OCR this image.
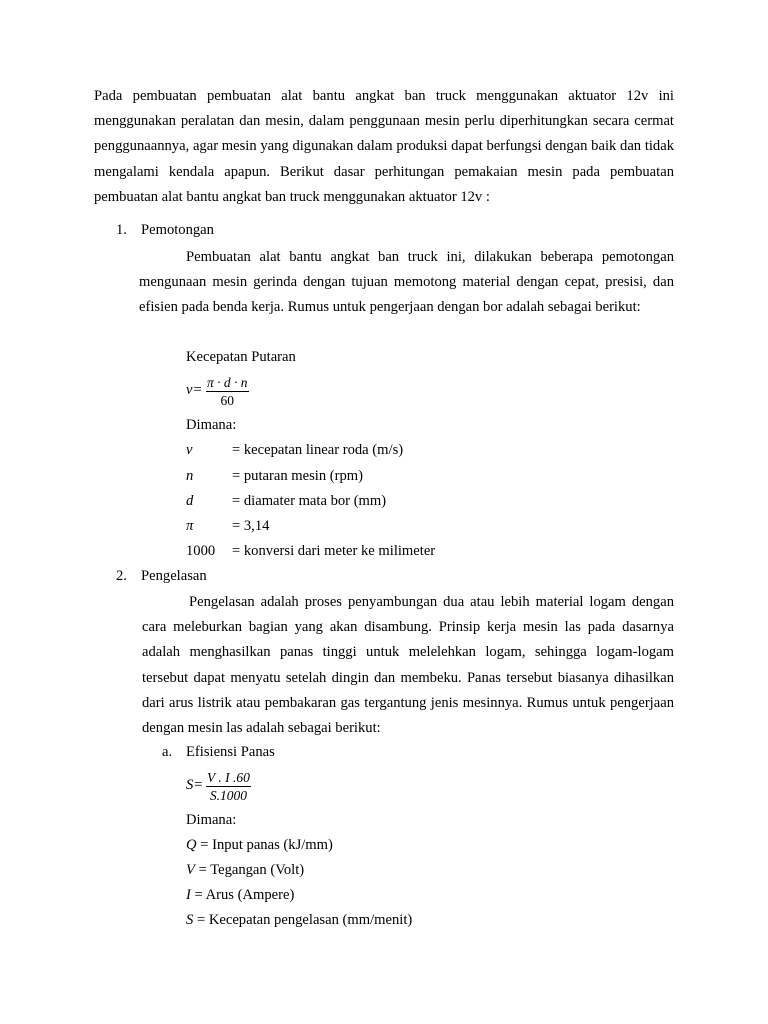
Pada pembuatan pembuatan alat bantu angkat ban truck menggunakan aktuator 12v ini menggunakan peralatan dan mesin, dalam penggunaan mesin perlu diperhitungkan secara cermat penggunaannya, agar mesin yang digunakan dalam produksi dapat berfungsi dengan baik dan tidak mengalami kendala apapun. Berikut dasar perhitungan pemakaian mesin pada pembuatan pembuatan alat bantu angkat ban truck menggunakan aktuator 12v :

1. Pemotongan

Pembuatan alat bantu angkat ban truck ini, dilakukan beberapa pemotongan mengunaan mesin gerinda dengan tujuan memotong material dengan cepat, presisi, dan efisien pada benda kerja. Rumus untuk pengerjaan dengan bor adalah sebagai berikut:

Kecepatan Putaran
$v= \frac{\pi \cdot d \cdot n}{60}$
Dimana:
v	= kecepatan linear roda (m/s)
n	= putaran mesin (rpm)
d	= diamater mata bor (mm)
π	= 3,14
1000 = konversi dari meter ke milimeter
2. Pengelasan

Pengelasan adalah proses penyambungan dua atau lebih material logam dengan cara meleburkan bagian yang akan disambung. Prinsip kerja mesin las pada dasarnya adalah menghasilkan panas tinggi untuk melelehkan logam, sehingga logam-logam tersebut dapat menyatu setelah dingin dan membeku. Panas tersebut biasanya dihasilkan dari arus listrik atau pembakaran gas tergantung jenis mesinnya. Rumus untuk pengerjaan dengan mesin las adalah sebagai berikut:

a. Efisiensi Panas
$S= \frac{V . I .60}{S.1000}$
Dimana:
Q = Input panas (kJ/mm)
V = Tegangan (Volt)
I = Arus (Ampere)
S = Kecepatan pengelasan (mm/menit)
